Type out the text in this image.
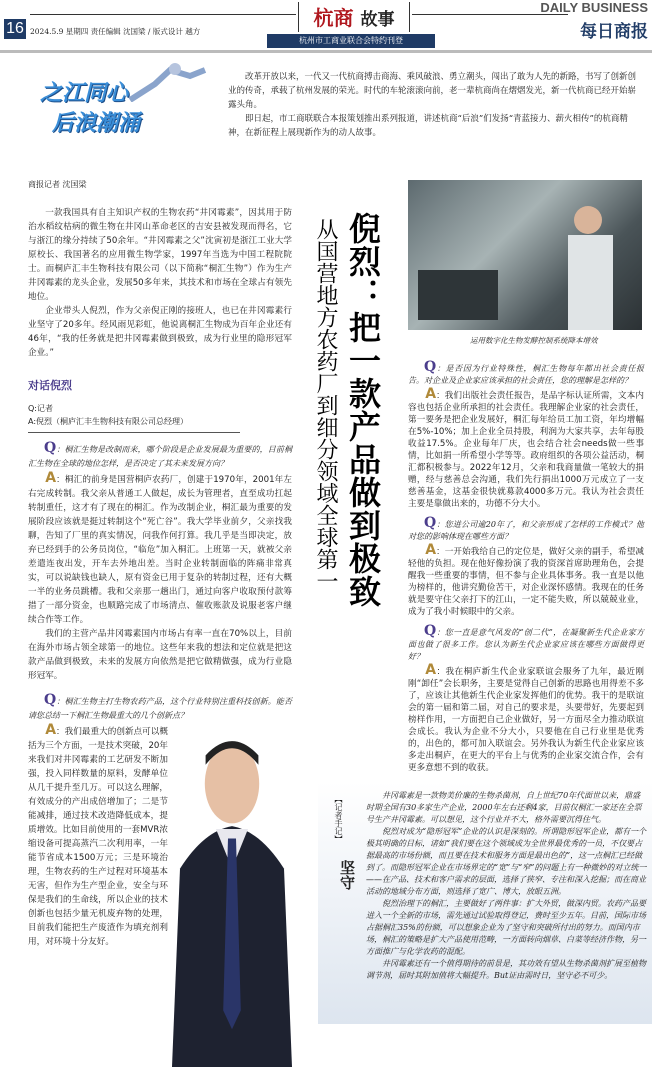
16 2024.5.9 星期四 责任编辑 沈国梁 / 版式设计 越方
杭商 故事
杭州市工商业联合会特约刊登
DAILY BUSINESS
每日商报
之江同心
后浪潮涌

改革开放以来，一代又一代杭商搏击商海、乘风破浪、勇立潮头，闯出了敢为人先的新路，书写了创新创业的传奇，承载了杭州发展的荣光。时代的车轮滚滚向前，老一辈杭商尚在熠熠发光，新一代杭商已经开始崭露头角。

即日起，市工商联联合本报策划推出系列报道，讲述杭商“后浪”们发扬“青蓝接力、薪火相传”的杭商精神，在新征程上展现新作为的动人故事。

商报记者 沈国梁

一款我国具有自主知识产权的生物农药“井冈霉素”，因其用于防治水稻纹枯病的微生物在井冈山革命老区的吉安县被发现而得名，它与浙江的缘分持续了50余年。“井冈霉素之父”沈寅初是浙江工业大学原校长、我国著名的应用微生物学家，1997年当选为中国工程院院士。而桐庐汇丰生物科技有限公司（以下简称“桐汇生物”）作为生产井冈霉素的龙头企业，发展50多年来，其技术和市场在全球占有领先地位。

企业带头人倪烈，作为父亲倪正刚的接班人，也已在井冈霉素行业坚守了20多年。经风雨见彩虹，他说离桐汇生物成为百年企业还有46年，“我的任务就是把井冈霉素做到极致，成为行业里的隐形冠军企业。”

对话倪烈
Q:记者
A:倪烈（桐庐汇丰生物科技有限公司总经理）

Q：桐汇生物是改制而来，哪个阶段是企业发展最为重要的，目前桐汇生物在全球的地位怎样，是否决定了其未来发展方向？

A：桐汇的前身是国营桐庐农药厂，创建于1970年，2001年左右完成转制。我父亲从普通工人做起，成长为管理者，直至成功扛起转制重任，这才有了现在的桐汇。作为改制企业，桐汇最为重要的发展阶段应该就是挺过转制这个“死亡谷”。我大学毕业前夕，父亲找我聊，告知了厂里的真实情况，问我作何打算。我几乎是当即决定，放弃已经到手的公务员岗位，“临危”加入桐汇。上班第一天，就被父亲差遣连夜出发，开车去外地出差。当时企业转制面临的阵痛非常真实，可以说缺钱也缺人，原有资金已用于复杂的转制过程，还有大概一半的业务员跳槽。我和父亲那一趟出门，通过向客户收取预付款筹措了一部分资金，也顺路完成了市场清点、催收账款及说服老客户继续合作等工作。

我们的主营产品井冈霉素国内市场占有率一直在70%以上，目前在海外市场占领全球第一的地位。这些年来我的想法和定位就是把这款产品做到极致，未来的发展方向依然是把它做精做强，成为行业隐形冠军。

Q：桐汇生物主打生物农药产品，这个行业特别注重科技创新。能否请您总结一下桐汇生物最重大的几个创新点？

A：我们最重大的创新点可以概括为三个方面，一是技术突破，20年来我们对井冈霉素的工艺研发不断加强，投入同样数量的原料，发酵单位从几千提升至几万。可以这么理解，有效成分的产出成倍增加了；二是节能减排，通过技术改造降低成本，提质增效。比如目前使用的一套MVR浓缩设备可提高蒸汽二次利用率，一年能节省成本1500万元；三是环境治理，生物农药的生产过程对环境基本无害，但作为生产型企业，安全与环保是我们的生命线，所以企业的技术创新也包括少量无机废弃物的处理，目前我们能把生产废渣作为填充剂利用，对环境十分友好。

从国营地方农药厂到细分领域全球第一 倪烈：把一款产品做到极致	运用数字化生物发酵控制系统降本增效

Q：是否因为行业特殊性，桐汇生物每年都出社会责任报告。对企业及企业家应该承担的社会责任，您的理解是怎样的？

A：我们出版社会责任报告，是品字标认证所需，文本内容也包括企业所承担的社会责任。我理解企业家的社会责任，第一要务是把企业发展好，桐汇每年给员工加工资，年均增幅在5%-10%；加上企业全员持股，利润为大家共享，去年每股收益17.5%。企业每年厂庆，也会结合社会needs做一些事情，比如捐一所希望小学等等。政府组织的各项公益活动，桐汇都积极参与。2022年12月，父亲和我商量做一笔较大的捐赠，经与慈善总会沟通，我们先行捐出1000万元成立了一支慈善基金，这基金很快就募款4000多万元。我认为社会责任主要是靠做出来的，功德不分大小。

Q：您进公司逾20年了，和父亲形成了怎样的工作模式？他对您的影响体现在哪些方面？

A：一开始我给自己的定位是，做好父亲的副手，希望减轻他的负担。现在他好像扮演了我的资深首席助理角色，会提醒我一些重要的事情，但不参与企业具体事务。我一直是以他为榜样的，他讲究勤俭苦干，对企业深怀感情。我现在的任务就是要守住父亲打下的江山，一定不能失败，所以兢兢业业，成为了我小时候眼中的父亲。

Q：您一直是意气风发的“创二代”，在凝聚新生代企业家方面也做了很多工作。您认为新生代企业家应该在哪些方面做得更好？

A：我在桐庐新生代企业家联谊会服务了九年，最近刚刚“卸任”会长职务，主要是觉得自己创新的思路也用得差不多了，应该让其他新生代企业家发挥他们的优势。我干的是联谊会的第一届和第二届，对自己的要求是，头要带好，先要起到榜样作用，一方面把自己企业做好，另一方面尽全力推动联谊会成长。我认为企业不分大小，只要他在自己行业里是优秀的，出色的，都可加入联谊会。另外我认为新生代企业家应该多走出桐庐，在更大的平台上与优秀的企业家交流合作，会有更多意想不到的收获。

【记者手记】
坚守

井冈霉素是一款物美价廉的生物杀菌剂，自上世纪70年代面世以来，鼎盛时期全国有30多家生产企业，2000年左右还剩4家，目前仅桐汇一家还在全票号生产井冈霉素。可以想见，这个行业并不大，格外需要沉得住气。

倪烈对成为“隐形冠军”企业的认识是深刻的。所谓隐形冠军企业，都有一个极其明确的目标，诸如“我们要在这个领域成为全世界最优秀的一员，不仅要占据最高的市场份额，而且要在技术和服务方面是最出色的”，这一点桐汇已经做到了。而隐形冠军企业在市场界定的“宽”与“窄”的问题上有一种微妙的对立统一——在产品、技术和客户需求的层面，选择了狭窄、专注和深入挖掘；而在商业活动的地域分布方面，则选择了宽广、博大，放眼五洲。

倪烈治理下的桐汇，主要做好了两件事：扩大外贸，做深内贸。农药产品要进入一个全新的市场，需先通过试验取得登记，费时至少五年。目前，国际市场占据桐汇35%的份额，可以想象企业为了坚守和突破所付出的努力。而国内市场，桐汇的策略是扩大产品使用范畴，一方面转向烟草、白菜等经济作物，另一方面推广与化学农药的混配。

井冈霉素还有一个值得期待的前景是，其功效有望从生物杀菌剂扩展至植物调节剂，届时其附加值将大幅提升。But证由需时日，坚守必不可少。
